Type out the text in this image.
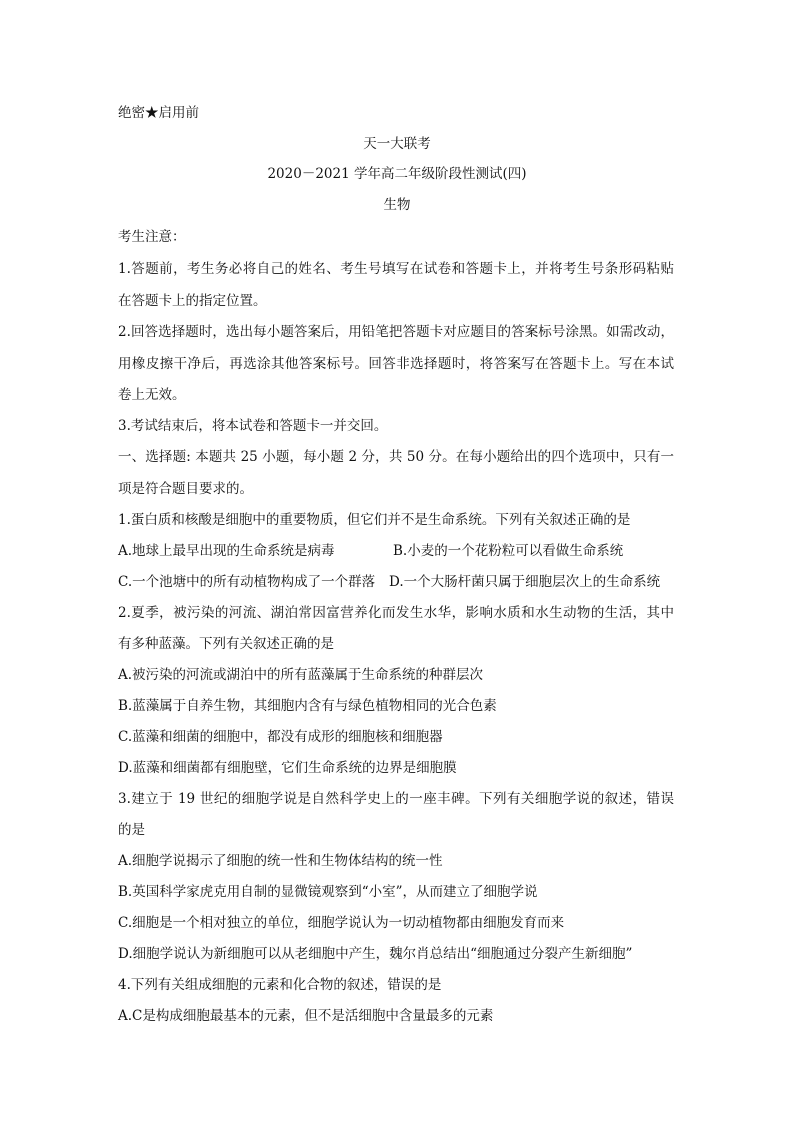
绝密★启用前
天一大联考
2020－2021 学年高二年级阶段性测试(四)
生物
考生注意：
1.答题前，考生务必将自己的姓名、考生号填写在试卷和答题卡上，并将考生号条形码粘贴
在答题卡上的指定位置。
2.回答选择题时，选出每小题答案后，用铅笔把答题卡对应题目的答案标号涂黑。如需改动，
用橡皮擦干净后，再选涂其他答案标号。回答非选择题时，将答案写在答题卡上。写在本试
卷上无效。
3.考试结束后，将本试卷和答题卡一并交回。
一、选择题: 本题共 25 小题，每小题 2 分，共 50 分。在每小题给出的四个选项中，只有一
项是符合题目要求的。
1.蛋白质和核酸是细胞中的重要物质，但它们并不是生命系统。下列有关叙述正确的是
A.地球上最早出现的生命系统是病毒	B.小麦的一个花粉粒可以看做生命系统
C.一个池塘中的所有动植物构成了一个群落 D.一个大肠杆菌只属于细胞层次上的生命系统
2.夏季，被污染的河流、湖泊常因富营养化而发生水华，影响水质和水生动物的生活，其中
有多种蓝藻。下列有关叙述正确的是
A.被污染的河流或湖泊中的所有蓝藻属于生命系统的种群层次
B.蓝藻属于自养生物，其细胞内含有与绿色植物相同的光合色素
C.蓝藻和细菌的细胞中，都没有成形的细胞核和细胞器
D.蓝藻和细菌都有细胞壁，它们生命系统的边界是细胞膜
3.建立于 19 世纪的细胞学说是自然科学史上的一座丰碑。下列有关细胞学说的叙述，错误
的是
A.细胞学说揭示了细胞的统一性和生物体结构的统一性
B.英国科学家虎克用自制的显微镜观察到“小室”，从而建立了细胞学说
C.细胞是一个相对独立的单位，细胞学说认为一切动植物都由细胞发育而来
D.细胞学说认为新细胞可以从老细胞中产生，魏尔肖总结出“细胞通过分裂产生新细胞”
4.下列有关组成细胞的元素和化合物的叙述，错误的是
A.C是构成细胞最基本的元素，但不是活细胞中含量最多的元素
